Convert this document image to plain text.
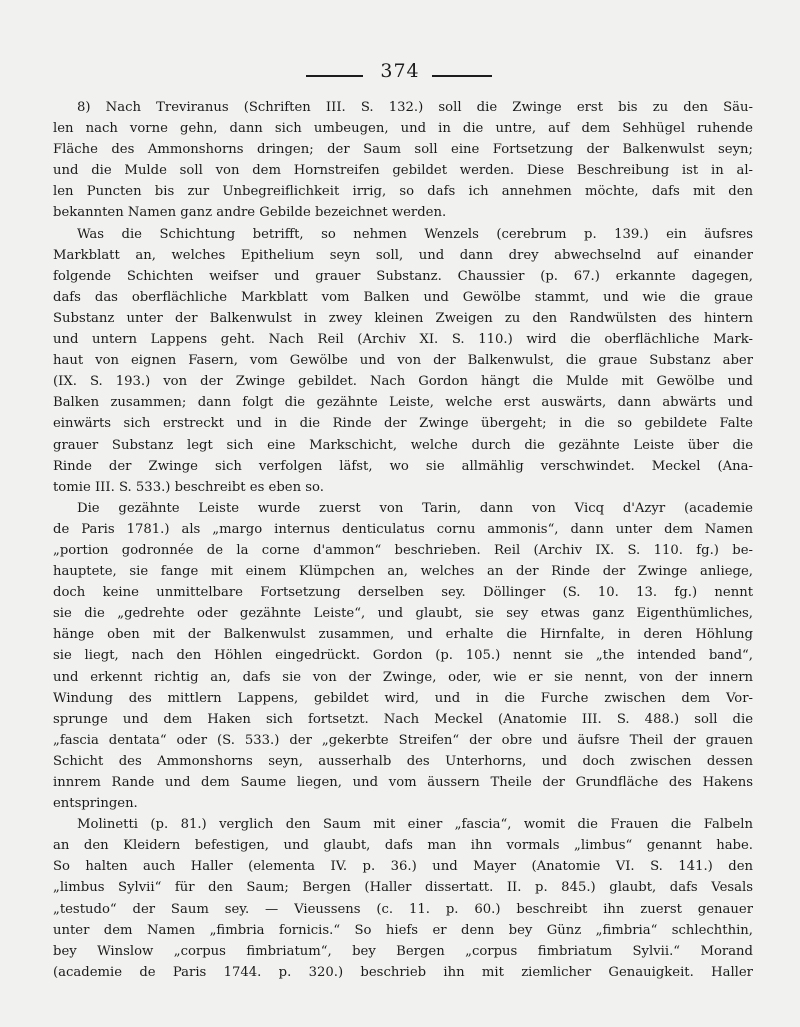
374
8) Nach Treviranus (Schriften III. S. 132.) soll die Zwinge erst bis zu den Säu-
len nach vorne gehn, dann sich umbeugen, und in die untre, auf dem Sehhügel ruhende
Fläche des Ammonshorns dringen; der Saum soll eine Fortsetzung der Balkenwulst seyn;
und die Mulde soll von dem Hornstreifen gebildet werden. Diese Beschreibung ist in al-
len Puncten bis zur Unbegreiflichkeit irrig, so dafs ich annehmen möchte, dafs mit den
bekannten Namen ganz andre Gebilde bezeichnet werden.
Was die Schichtung betrifft, so nehmen Wenzels (cerebrum p. 139.) ein äufsres
Markblatt an, welches Epithelium seyn soll, und dann drey abwechselnd auf einander
folgende Schichten weifser und grauer Substanz. Chaussier (p. 67.) erkannte dagegen,
dafs das oberflächliche Markblatt vom Balken und Gewölbe stammt, und wie die graue
Substanz unter der Balkenwulst in zwey kleinen Zweigen zu den Randwülsten des hintern
und untern Lappens geht. Nach Reil (Archiv XI. S. 110.) wird die oberflächliche Mark-
haut von eignen Fasern, vom Gewölbe und von der Balkenwulst, die graue Substanz aber
(IX. S. 193.) von der Zwinge gebildet. Nach Gordon hängt die Mulde mit Gewölbe und
Balken zusammen; dann folgt die gezähnte Leiste, welche erst auswärts, dann abwärts und
einwärts sich erstreckt und in die Rinde der Zwinge übergeht; in die so gebildete Falte
grauer Substanz legt sich eine Markschicht, welche durch die gezähnte Leiste über die
Rinde der Zwinge sich verfolgen läfst, wo sie allmählig verschwindet. Meckel (Ana-
tomie III. S. 533.) beschreibt es eben so.
Die gezähnte Leiste wurde zuerst von Tarin, dann von Vicq d'Azyr (academie
de Paris 1781.) als „margo internus denticulatus cornu ammonis“, dann unter dem Namen
„portion godronnée de la corne d'ammon“ beschrieben. Reil (Archiv IX. S. 110. fg.) be-
hauptete, sie fange mit einem Klümpchen an, welches an der Rinde der Zwinge anliege,
doch keine unmittelbare Fortsetzung derselben sey. Döllinger (S. 10. 13. fg.) nennt
sie die „gedrehte oder gezähnte Leiste“, und glaubt, sie sey etwas ganz Eigenthümliches,
hänge oben mit der Balkenwulst zusammen, und erhalte die Hirnfalte, in deren Höhlung
sie liegt, nach den Höhlen eingedrückt. Gordon (p. 105.) nennt sie „the intended band“,
und erkennt richtig an, dafs sie von der Zwinge, oder, wie er sie nennt, von der innern
Windung des mittlern Lappens, gebildet wird, und in die Furche zwischen dem Vor-
sprunge und dem Haken sich fortsetzt. Nach Meckel (Anatomie III. S. 488.) soll die
„fascia dentata“ oder (S. 533.) der „gekerbte Streifen“ der obre und äufsre Theil der grauen
Schicht des Ammonshorns seyn, ausserhalb des Unterhorns, und doch zwischen dessen
innrem Rande und dem Saume liegen, und vom äussern Theile der Grundfläche des Hakens
entspringen.
Molinetti (p. 81.) verglich den Saum mit einer „fascia“, womit die Frauen die Falbeln
an den Kleidern befestigen, und glaubt, dafs man ihn vormals „limbus“ genannt habe.
So halten auch Haller (elementa IV. p. 36.) und Mayer (Anatomie VI. S. 141.) den
„limbus Sylvii“ für den Saum; Bergen (Haller dissertatt. II. p. 845.) glaubt, dafs Vesals
„testudo“ der Saum sey. — Vieussens (c. 11. p. 60.) beschreibt ihn zuerst genauer
unter dem Namen „fimbria fornicis.“ So hiefs er denn bey Günz „fimbria“ schlechthin,
bey Winslow „corpus fimbriatum“, bey Bergen „corpus fimbriatum Sylvii.“ Morand
(academie de Paris 1744. p. 320.) beschrieb ihn mit ziemlicher Genauigkeit. Haller
